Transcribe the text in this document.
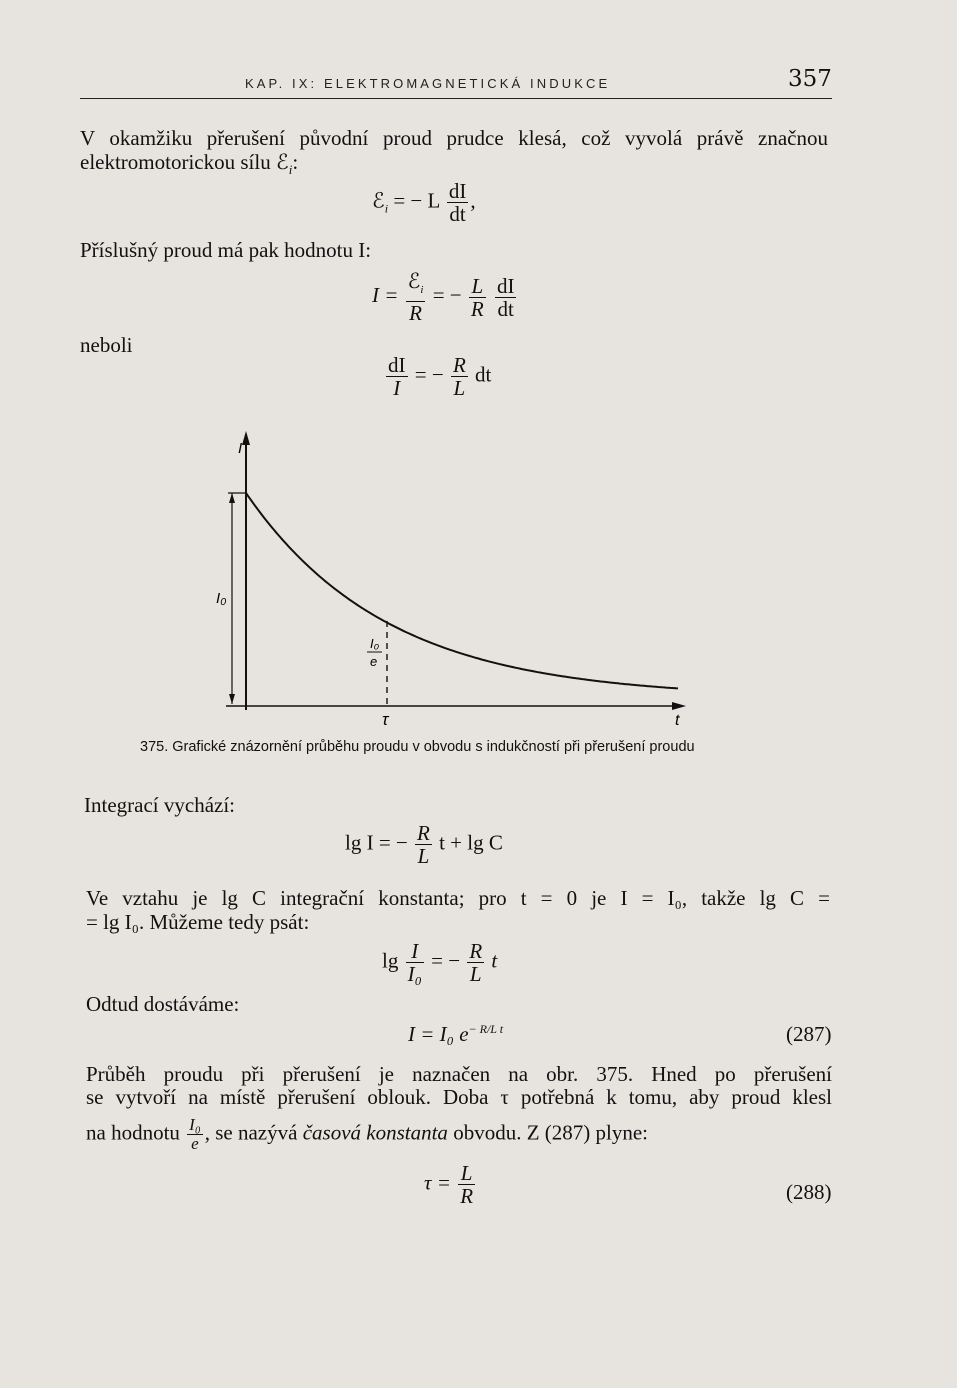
KAP. IX: ELEKTROMAGNETICKÁ INDUKCE	357
V okamžiku přerušení původní proud prudce klesá, což vyvolá právě značnou
elektromotorickou sílu ℰ$_i$:
ℰ$_i$ = − L $\frac{dI}{dt}$ ,
Příslušný proud má pak hodnotu I:
$I = \frac{ℰ_i}{R}$ = − $\frac{L}{R}$
$\frac{dI}{dt}$
neboli
$\frac{dI}{I}$ = − $\frac{R}{L}$ dt
I
t
I₀
I₀
e
τ
375. Grafické znázornění průběhu proudu v obvodu s indukčností při přerušení proudu
Integrací vychází:
lg I = − $\frac{R}{L}$ t + lg C
Ve vztahu je lg C integrační konstanta; pro t = 0 je I = I₀, takže lg C =
= lg I₀. Můžeme tedy psát:
$\lg \frac{I}{\text{I₀}}$ = − $\frac{R}{L}$ t
Odtud dostáváme:
I = I₀ $e^{- R/L t}$	(287)
Průběh proudu při přerušení je naznačen na obr. 375. Hned po přerušení
se vytvoří na místě přerušení oblouk. Doba τ potřebná k tomu, aby proud klesl
na hodnotu $\frac{\text{I₀}}{e}$ , se nazývá časová konstanta obvodu. Z (287) plyne:
$\tau = \frac{L}{R}$	(288)
